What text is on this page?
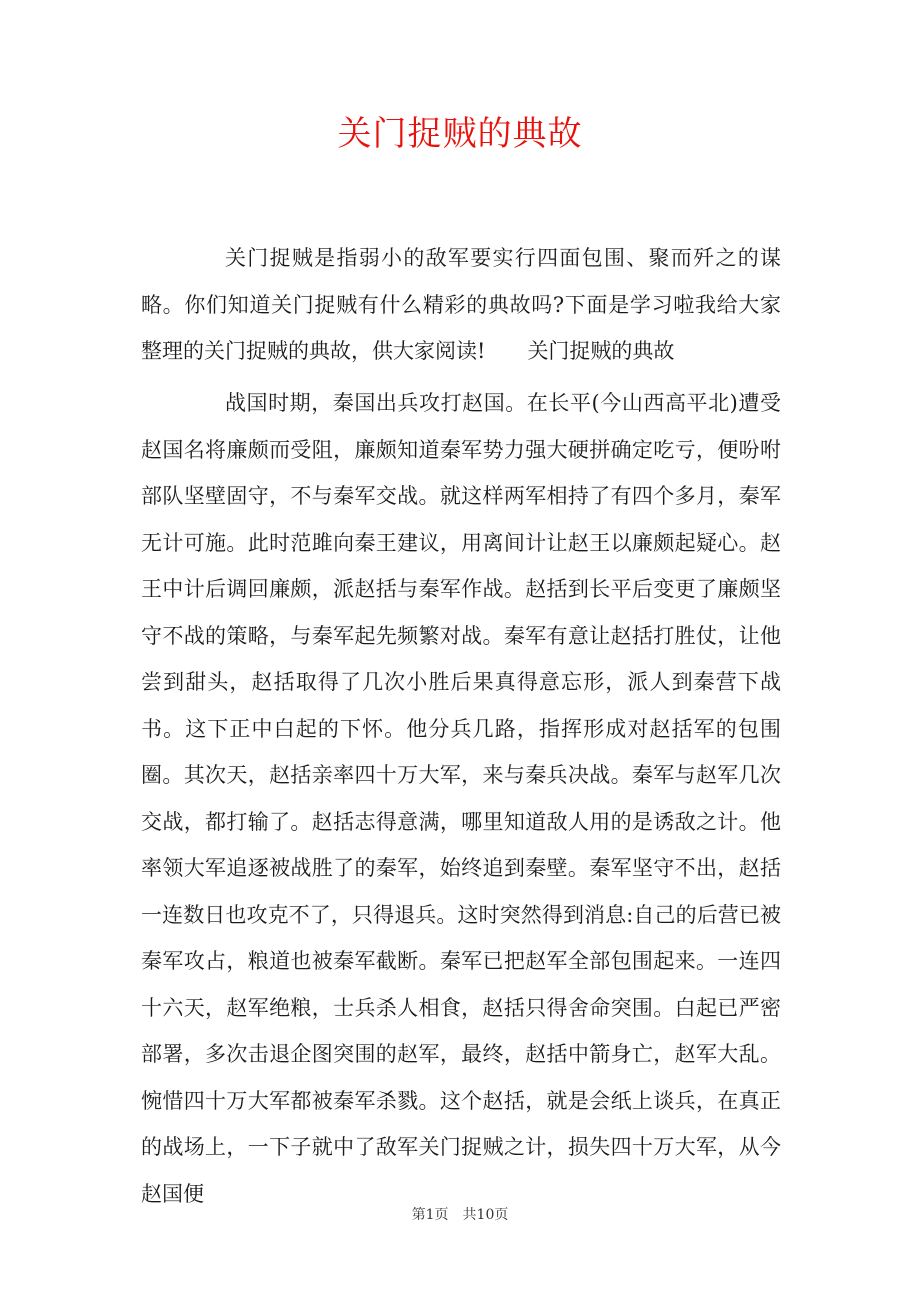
关门捉贼的典故

关门捉贼是指弱小的敌军要实行四面包围、聚而歼之的谋略。你们知道关门捉贼有什么精彩的典故吗?下面是学习啦我给大家整理的关门捉贼的典故，供大家阅读! 关门捉贼的典故

战国时期，秦国出兵攻打赵国。在长平(今山西高平北)遭受赵国名将廉颇而受阻，廉颇知道秦军势力强大硬拼确定吃亏，便吩咐部队坚壁固守，不与秦军交战。就这样两军相持了有四个多月，秦军无计可施。此时范雎向秦王建议，用离间计让赵王以廉颇起疑心。赵王中计后调回廉颇，派赵括与秦军作战。赵括到长平后变更了廉颇坚守不战的策略，与秦军起先频繁对战。秦军有意让赵括打胜仗，让他尝到甜头，赵括取得了几次小胜后果真得意忘形，派人到秦营下战书。这下正中白起的下怀。他分兵几路，指挥形成对赵括军的包围圈。其次天，赵括亲率四十万大军，来与秦兵决战。秦军与赵军几次交战，都打输了。赵括志得意满，哪里知道敌人用的是诱敌之计。他率领大军追逐被战胜了的秦军，始终追到秦壁。秦军坚守不出，赵括一连数日也攻克不了，只得退兵。这时突然得到消息:自己的后营已被秦军攻占，粮道也被秦军截断。秦军已把赵军全部包围起来。一连四十六天，赵军绝粮，士兵杀人相食，赵括只得舍命突围。白起已严密部署，多次击退企图突围的赵军，最终，赵括中箭身亡，赵军大乱。惋惜四十万大军都被秦军杀戮。这个赵括，就是会纸上谈兵，在真正的战场上，一下子就中了敌军关门捉贼之计，损失四十万大军，从今赵国便

第1页 共10页
